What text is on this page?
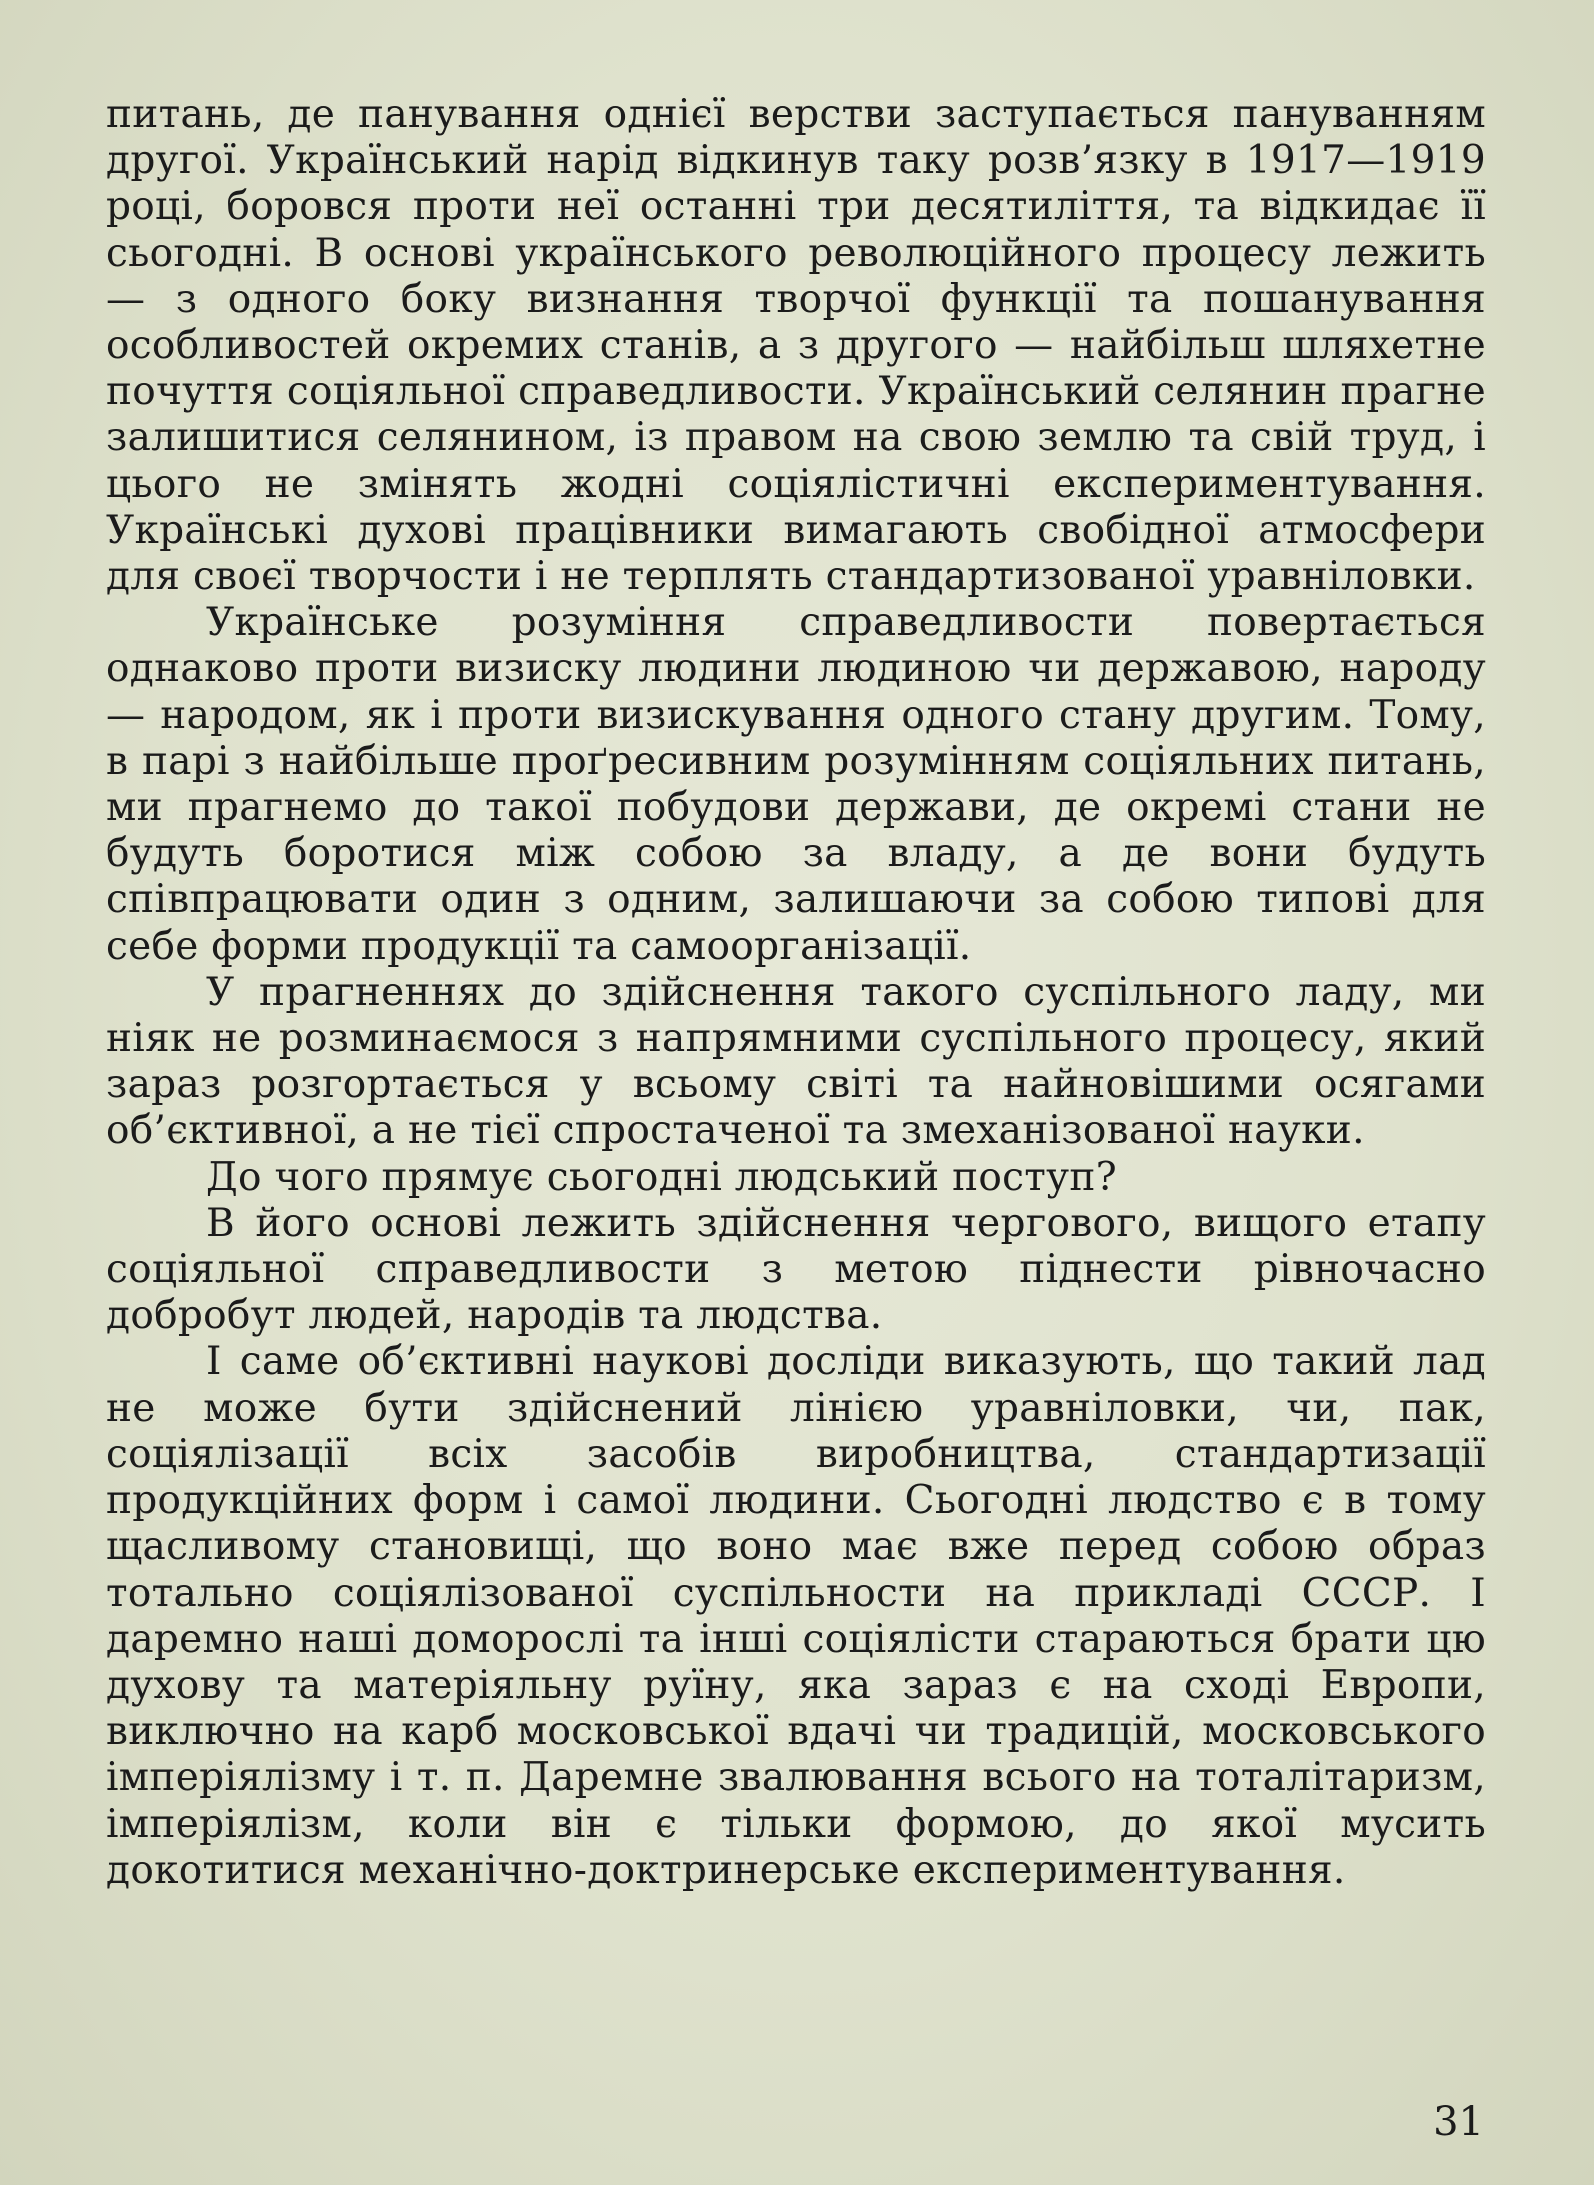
питань, де панування однієї верстви заступається пануванням другої. Український нарід відкинув таку розв’язку в 1917—1919 році, боровся проти неї останні три десятиліття, та відкидає її сьогодні. В основі українського революційного процесу лежить — з одного боку визнання творчої функції та пошанування особливостей окремих станів, а з другого — найбільш шляхетне почуття соціяльної справедливости. Український селянин прагне залишитися селянином, із правом на свою землю та свій труд, і цього не змінять жодні соціялістичні експериментування. Українські духові працівники вимагають свобідної атмосфери для своєї творчости і не терплять стандартизованої уравніловки.

Українське розуміння справедливости повертається однаково проти визиску людини людиною чи державою, народу — народом, як і проти визискування одного стану другим. Тому, в парі з найбільше проґресивним розумінням соціяльних питань, ми прагнемо до такої побудови держави, де окремі стани не будуть боротися між собою за владу, а де вони будуть співпрацювати один з одним, залишаючи за собою типові для себе форми продукції та самоорганізації.

У прагненнях до здійснення такого суспільного ладу, ми ніяк не розминаємося з напрямними суспільного процесу, який зараз розгортається у всьому світі та найновішими осягами об’єктивної, а не тієї спростаченої та змеханізованої науки.

До чого прямує сьогодні людський поступ?

В його основі лежить здійснення чергового, вищого етапу соціяльної справедливости з метою піднести рівночасно добробут людей, народів та людства.

І саме об’єктивні наукові досліди виказують, що такий лад не може бути здійснений лінією уравніловки, чи, пак, соціялізації всіх засобів виробництва, стандартизації продукційних форм і самої людини. Сьогодні людство є в тому щасливому становищі, що воно має вже перед собою образ тотально соціялізованої суспільности на прикладі СССР. І даремно наші доморослі та інші соціялісти стараються брати цю духову та матеріяльну руїну, яка зараз є на сході Европи, виключно на карб московської вдачі чи традицій, московського імперіялізму і т. п. Даремне звалювання всього на тоталітаризм, імперіялізм, коли він є тільки формою, до якої мусить докотитися механічно-доктринерське експериментування.

31
